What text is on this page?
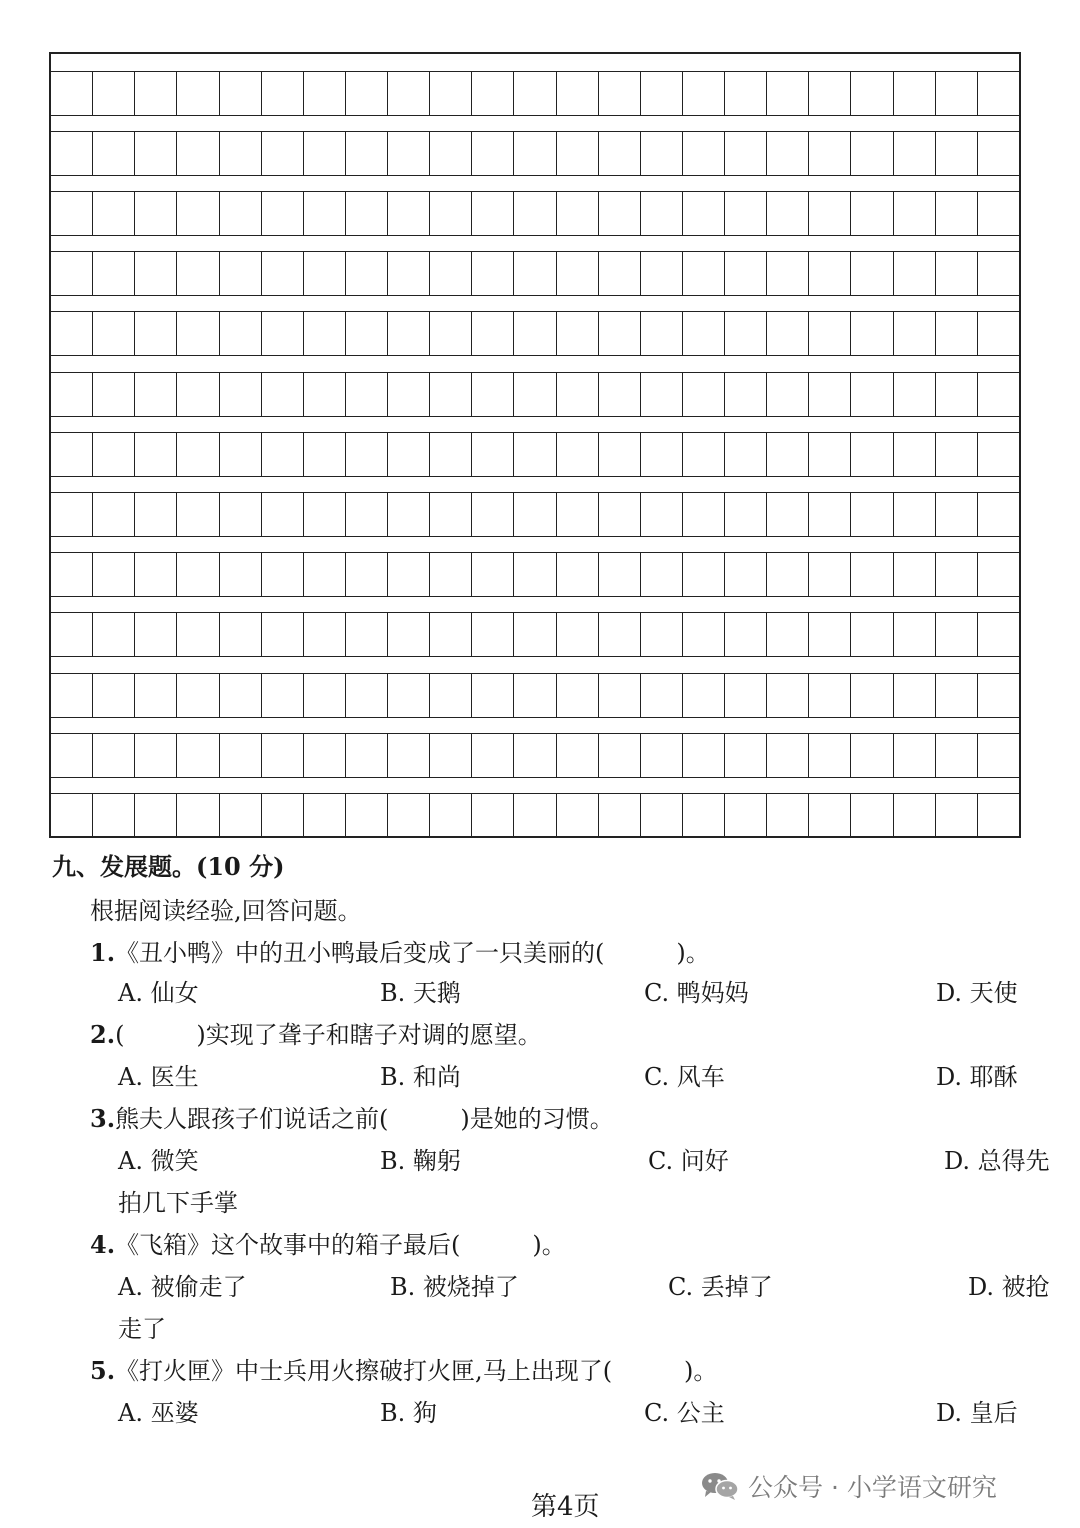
九、发展题。(10 分)
根据阅读经验,回答问题。
1.《丑小鸭》中的丑小鸭最后变成了一只美丽的(　　　)。
A. 仙女	B. 天鹅	C. 鸭妈妈	D. 天使
2.(　　　)实现了聋子和瞎子对调的愿望。
A. 医生	B. 和尚	C. 风车	D. 耶酥
3.熊夫人跟孩子们说话之前(　　　)是她的习惯。
A. 微笑	B. 鞠躬	C. 问好	D. 总得先
拍几下手掌
4.《飞箱》这个故事中的箱子最后(　　　)。
A. 被偷走了	B. 被烧掉了	C. 丢掉了	D. 被抢
走了
5.《打火匣》中士兵用火擦破打火匣,马上出现了(　　　)。
A. 巫婆	B. 狗	C. 公主	D. 皇后
公众号 · 小学语文研究
第4页
